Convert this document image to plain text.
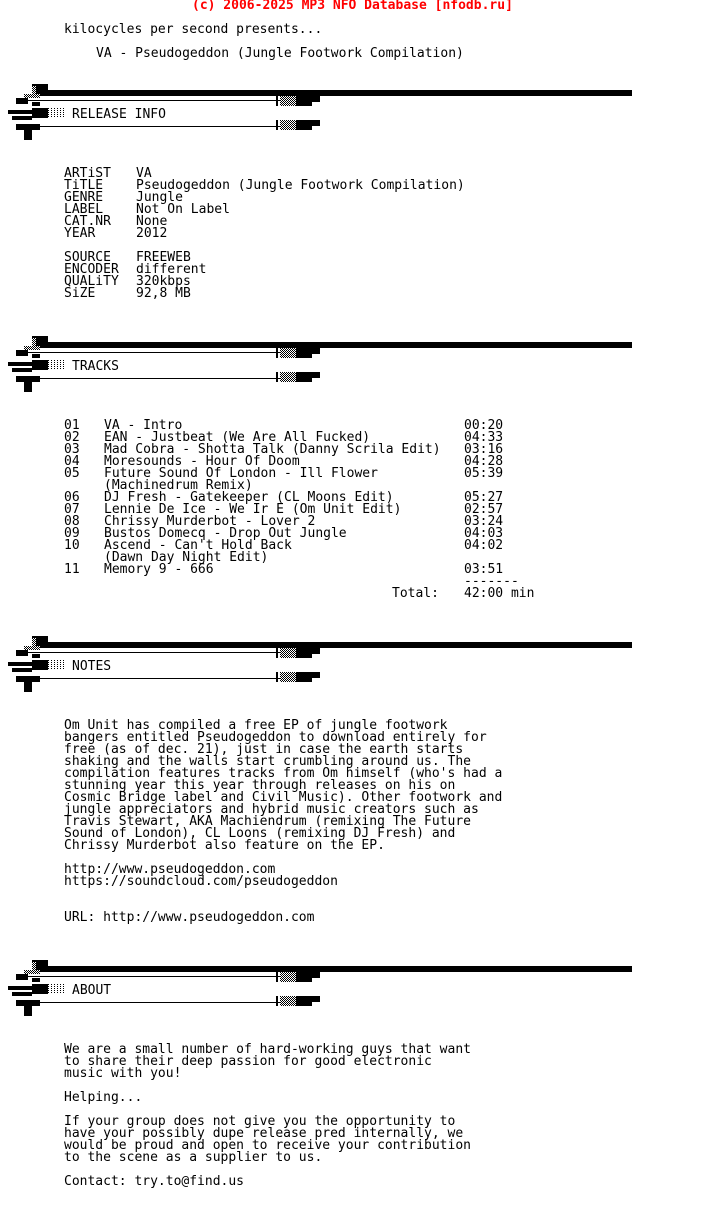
(c) 2006-2025 MP3 NFO Database [nfodb.ru]
kilocycles per second presents...
VA - Pseudogeddon (Jungle Footwork Compilation)
RELEASE INFO
ARTiST VA
TiTLE	Pseudogeddon (Jungle Footwork Compilation)
GENRE	Jungle
LABEL	Not On Label
CAT.NR None
YEAR	2012
SOURCE FREEWEB
ENCODER different
QUALiTY 320kbps
SiZE	92,8 MB
TRACKS
01 VA - Intro	00:20
02 EAN - Justbeat (We Are All Fucked)	04:33
03 Mad Cobra - Shotta Talk (Danny Scrila Edit) 03:16
04 Moresounds - Hour Of Doom	04:28
05 Future Sound Of London - Ill Flower	05:39
(Machinedrum Remix)
06 DJ Fresh - Gatekeeper (CL Moons Edit)	05:27
07 Lennie De Ice - We Ir E (Om Unit Edit)	02:57
08 Chrissy Murderbot - Lover 2	03:24
09 Bustos Domecq - Drop Out Jungle	04:03
10 Ascend - Can't Hold Back	04:02
(Dawn Day Night Edit)
11 Memory 9 - 666	03:51
-------
Total: 42:00 min
NOTES
Om Unit has compiled a free EP of jungle footwork
bangers entitled Pseudogeddon to download entirely for
free (as of dec. 21), just in case the earth starts
shaking and the walls start crumbling around us. The
compilation features tracks from Om himself (who's had a
stunning year this year through releases on his on
Cosmic Bridge label and Civil Music). Other footwork and
jungle appreciators and hybrid music creators such as
Travis Stewart, AKA Machiendrum (remixing The Future
Sound of London), CL Loons (remixing DJ Fresh) and
Chrissy Murderbot also feature on the EP.
http://www.pseudogeddon.com
https://soundcloud.com/pseudogeddon
URL: http://www.pseudogeddon.com
ABOUT
We are a small number of hard-working guys that want
to share their deep passion for good electronic
music with you!
Helping...
If your group does not give you the opportunity to
have your possibly dupe release pred internally, we
would be proud and open to receive your contribution
to the scene as a supplier to us.
Contact: try.to@find.us
